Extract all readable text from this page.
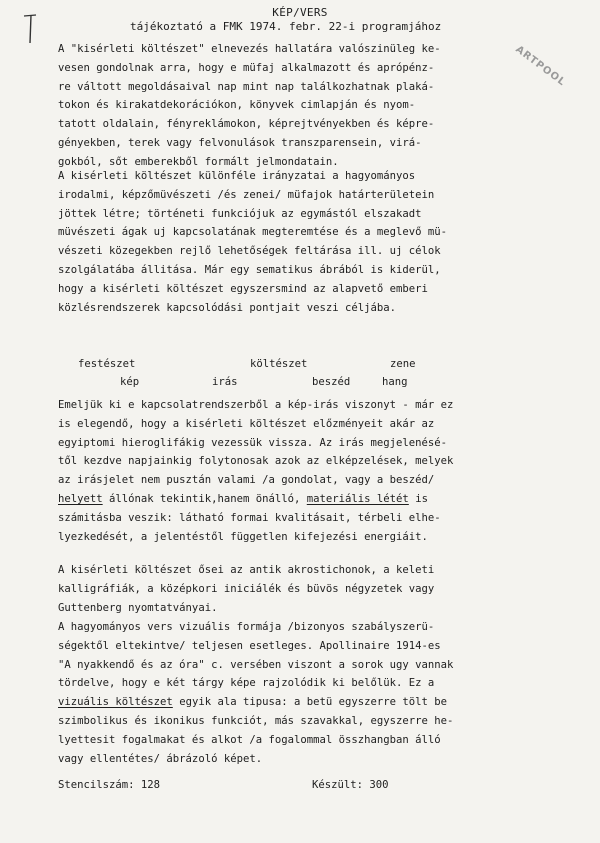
ARTPOOL
KÉP/VERS
tájékoztató a FMK 1974. febr. 22-i programjához
A "kisérleti költészet" elnevezés hallatára valószinüleg ke-
vesen gondolnak arra, hogy e müfaj alkalmazott és aprópénz-
re váltott megoldásaival nap mint nap találkozhatnak plaká-
tokon és kirakatdekorációkon, könyvek cimlapján és nyom-
tatott oldalain, fényreklámokon, képrejtvényekben és képre-
gényekben, terek vagy felvonulások transzparensein, virá-
gokból, sőt emberekből formált jelmondatain.
A kisérleti költészet különféle irányzatai a hagyományos
irodalmi, képzőmüvészeti /és zenei/ müfajok határterületein
jöttek létre; történeti funkciójuk az egymástól elszakadt
müvészeti ágak uj kapcsolatának megteremtése és a meglevő mü-
vészeti közegekben rejlő lehetőségek feltárása ill. uj célok
szolgálatába állitása. Már egy sematikus ábrából is kiderül,
hogy a kisérleti költészet egyszersmind az alapvető emberi
közlésrendszerek kapcsolódási pontjait veszi céljába.
festészet	költészet	zene
kép	irás	beszéd	hang
Emeljük ki e kapcsolatrendszerből a kép-irás viszonyt - már ez
is elegendő, hogy a kisérleti költészet előzményeit akár az
egyiptomi hieroglifákig vezessük vissza. Az irás megjelenésé-
től kezdve napjainkig folytonosak azok az elképzelések, melyek
az irásjelet nem pusztán valami /a gondolat, vagy a beszéd/
helyett állónak tekintik,hanem önálló, materiális létét is
számitásba veszik: látható formai kvalitásait, térbeli elhe-
lyezkedését, a jelentéstől független kifejezési energiáit.
A kisérleti költészet ősei az antik akrostichonok, a keleti
kalligráfiák, a középkori iniciálék és büvös négyzetek vagy
Guttenberg nyomtatványai.
A hagyományos vers vizuális formája /bizonyos szabályszerü-
ségektől eltekintve/ teljesen esetleges. Apollinaire 1914-es
"A nyakkendő és az óra" c. versében viszont a sorok ugy vannak
tördelve, hogy e két tárgy képe rajzolódik ki belőlük. Ez a
vizuális költészet egyik ala tipusa: a betü egyszerre tölt be
szimbolikus és ikonikus funkciót, más szavakkal, egyszerre he-
lyettesit fogalmakat és alkot /a fogalommal összhangban álló
vagy ellentétes/ ábrázoló képet.
Stencilszám: 128	Készült: 300
